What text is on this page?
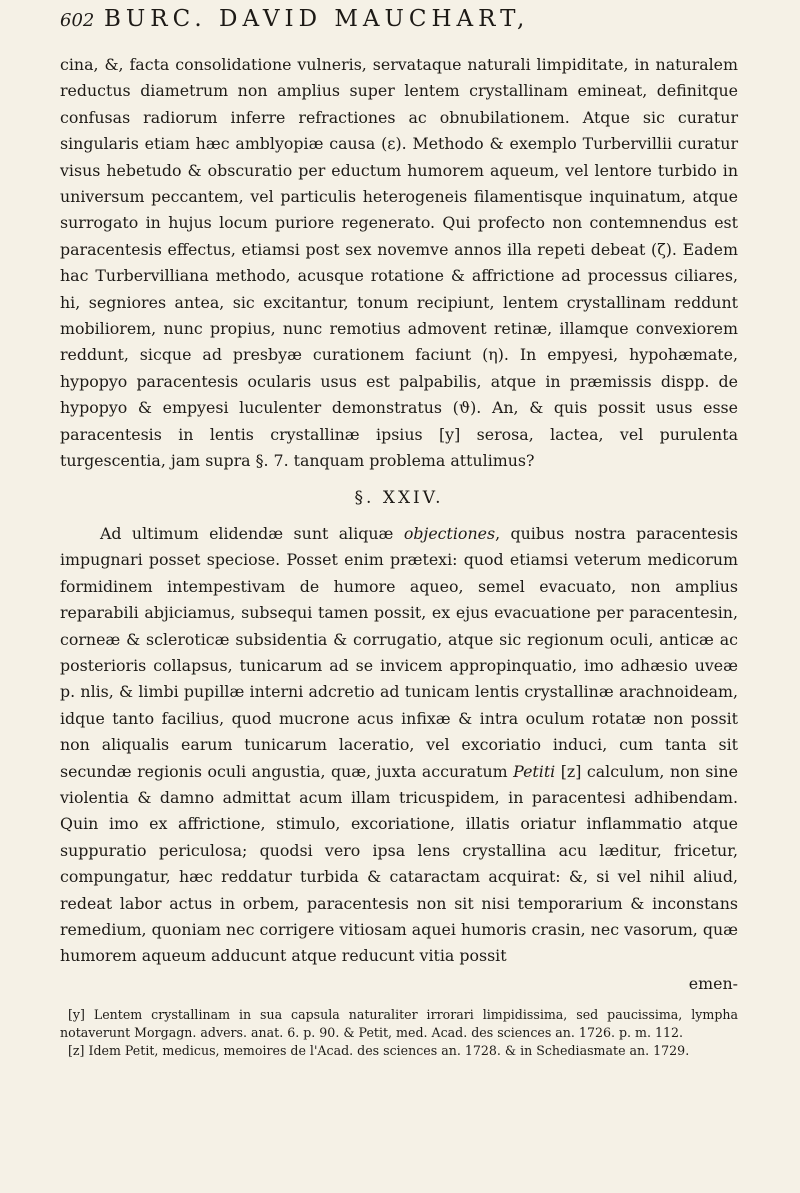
602 BURC. DAVID MAUCHART,

cina, &, facta consolidatione vulneris, servataque naturali limpiditate, in naturalem reductus diametrum non amplius super lentem crystallinam emineat, definitque confusas radiorum inferre refractiones ac obnubilationem. Atque sic curatur singularis etiam hæc amblyopiæ causa (ε). Methodo & exemplo Turbervillii curatur visus hebetudo & obscuratio per eductum humorem aqueum, vel lentore turbido in universum peccantem, vel particulis heterogeneis filamentisque inquinatum, atque surrogato in hujus locum puriore regenerato. Qui profecto non contemnendus est paracentesis effectus, etiamsi post sex novemve annos illa repeti debeat (ζ). Eadem hac Turbervilliana methodo, acusque rotatione & affrictione ad processus ciliares, hi, segniores antea, sic excitantur, tonum recipiunt, lentem crystallinam reddunt mobiliorem, nunc propius, nunc remotius admovent retinæ, illamque convexiorem reddunt, sicque ad presbyæ curationem faciunt (η). In empyesi, hypohæmate, hypopyo paracentesis ocularis usus est palpabilis, atque in præmissis dispp. de hypopyo & empyesi luculenter demonstratus (ϑ). An, & quis possit usus esse paracentesis in lentis crystallinæ ipsius [y] serosa, lactea, vel purulenta turgescentia, jam supra §. 7. tanquam problema attulimus?

§. XXIV.

Ad ultimum elidendæ sunt aliquæ objectiones, quibus nostra paracentesis impugnari posset speciose. Posset enim prætexi: quod etiamsi veterum medicorum formidinem intempestivam de humore aqueo, semel evacuato, non amplius reparabili abjiciamus, subsequi tamen possit, ex ejus evacuatione per paracentesin, corneæ & scleroticæ subsidentia & corrugatio, atque sic regionum oculi, anticæ ac posterioris collapsus, tunicarum ad se invicem appropinquatio, imo adhæsio uveæ p. nlis, & limbi pupillæ interni adcretio ad tunicam lentis crystallinæ arachnoideam, idque tanto facilius, quod mucrone acus infixæ & intra oculum rotatæ non possit non aliqualis earum tunicarum laceratio, vel excoriatio induci, cum tanta sit secundæ regionis oculi angustia, quæ, juxta accuratum Petiti [z] calculum, non sine violentia & damno admittat acum illam tricuspidem, in paracentesi adhibendam. Quin imo ex affrictione, stimulo, excoriatione, illatis oriatur inflammatio atque suppuratio periculosa; quodsi vero ipsa lens crystallina acu læditur, fricetur, compungatur, hæc reddatur turbida & cataractam acquirat: &, si vel nihil aliud, redeat labor actus in orbem, paracentesis non sit nisi temporarium & inconstans remedium, quoniam nec corrigere vitiosam aquei humoris crasin, nec vasorum, quæ humorem aqueum adducunt atque reducunt vitia possit

emen-

[y] Lentem crystallinam in sua capsula naturaliter irrorari limpidissima, sed paucissima, lympha notaverunt Morgagn. advers. anat. 6. p. 90. & Petit, med. Acad. des sciences an. 1726. p. m. 112.

[z] Idem Petit, medicus, memoires de l'Acad. des sciences an. 1728. & in Schediasmate an. 1729.
